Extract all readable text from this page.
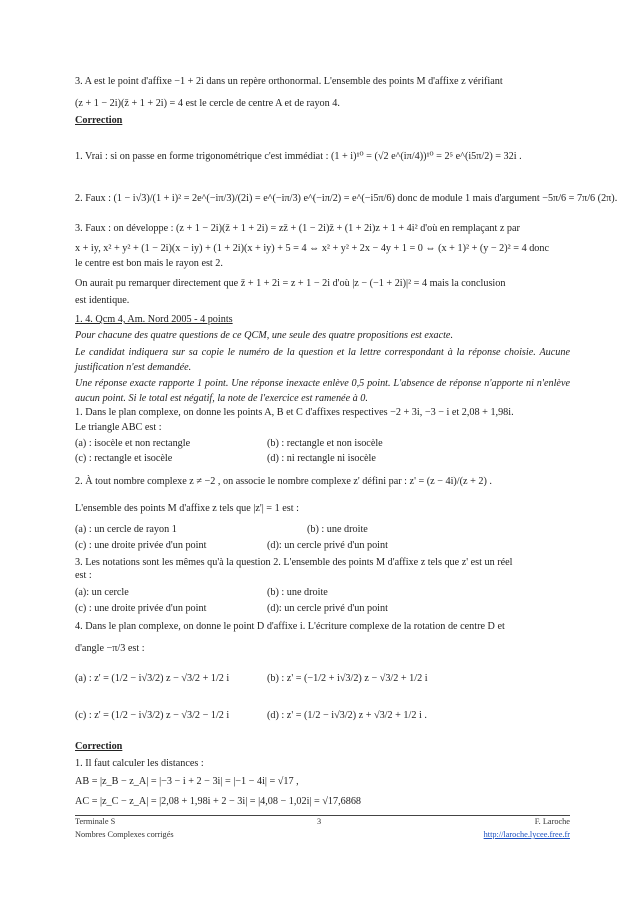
3. A est le point d'affixe −1 + 2i dans un repère orthonormal. L'ensemble des points M d'affixe z vérifiant
(z + 1 − 2i)(z̄ + 1 + 2i) = 4 est le cercle de centre A et de rayon 4.
Correction
1. Vrai : si on passe en forme trigonométrique c'est immédiat : (1 + i)¹⁰ = (√2 e^(iπ/4))¹⁰ = 2⁵ e^(i5π/2) = 32i .
2. Faux : (1 − i√3)/(1 + i)² = 2e^(−iπ/3)/(2i) = e^(−iπ/3) e^(−iπ/2) = e^(−i5π/6) donc de module 1 mais d'argument −5π/6 = 7π/6 (2π).
3. Faux : on développe : (z + 1 − 2i)(z̄ + 1 + 2i) = zz̄ + (1 − 2i)z̄ + (1 + 2i)z + 1 + 4i² d'où en remplaçant z par
x + iy, x² + y² + (1 − 2i)(x − iy) + (1 + 2i)(x + iy) + 5 = 4 ⇔ x² + y² + 2x − 4y + 1 = 0 ⇔ (x + 1)² + (y − 2)² = 4 donc
le centre est bon mais le rayon est 2.
On aurait pu remarquer directement que z̄ + 1 + 2i = z + 1 − 2i d'où |z − (−1 + 2i)|² = 4 mais la conclusion
est identique.
1. 4. Qcm 4, Am. Nord 2005 - 4 points
Pour chacune des quatre questions de ce QCM, une seule des quatre propositions est exacte.
Le candidat indiquera sur sa copie le numéro de la question et la lettre correspondant à la réponse choisie. Aucune justification n'est demandée.
Une réponse exacte rapporte 1 point. Une réponse inexacte enlève 0,5 point. L'absence de réponse n'apporte ni n'enlève aucun point. Si le total est négatif, la note de l'exercice est ramenée à 0.
1. Dans le plan complexe, on donne les points A, B et C d'affixes respectives −2 + 3i, −3 − i et 2,08 + 1,98i.
Le triangle ABC est :
(a) : isocèle et non rectangle	(b) : rectangle et non isocèle
(c) : rectangle et isocèle	(d) : ni rectangle ni isocèle
2. À tout nombre complexe z ≠ −2 , on associe le nombre complexe z' défini par : z' = (z − 4i)/(z + 2) .
L'ensemble des points M d'affixe z tels que |z'| = 1 est :
(a) : un cercle de rayon 1	(b) : une droite
(c) : une droite privée d'un point	(d): un cercle privé d'un point
3. Les notations sont les mêmes qu'à la question 2. L'ensemble des points M d'affixe z tels que z' est un réel
est :
(a): un cercle	(b) : une droite
(c) : une droite privée d'un point	(d): un cercle privé d'un point
4. Dans le plan complexe, on donne le point D d'affixe i. L'écriture complexe de la rotation de centre D et
d'angle −π/3 est :
(a) : z' = (1/2 − i√3/2) z − √3/2 + 1/2 i	(b) : z' = (−1/2 + i√3/2) z − √3/2 + 1/2 i
(c) : z' = (1/2 − i√3/2) z − √3/2 − 1/2 i	(d) : z' = (1/2 − i√3/2) z + √3/2 + 1/2 i .
Correction
1. Il faut calculer les distances :
AB = |z_B − z_A| = |−3 − i + 2 − 3i| = |−1 − 4i| = √17 ,
AC = |z_C − z_A| = |2,08 + 1,98i + 2 − 3i| = |4,08 − 1,02i| = √17,6868
Terminale S	3	F. Laroche
Nombres Complexes corrigés	http://laroche.lycee.free.fr
